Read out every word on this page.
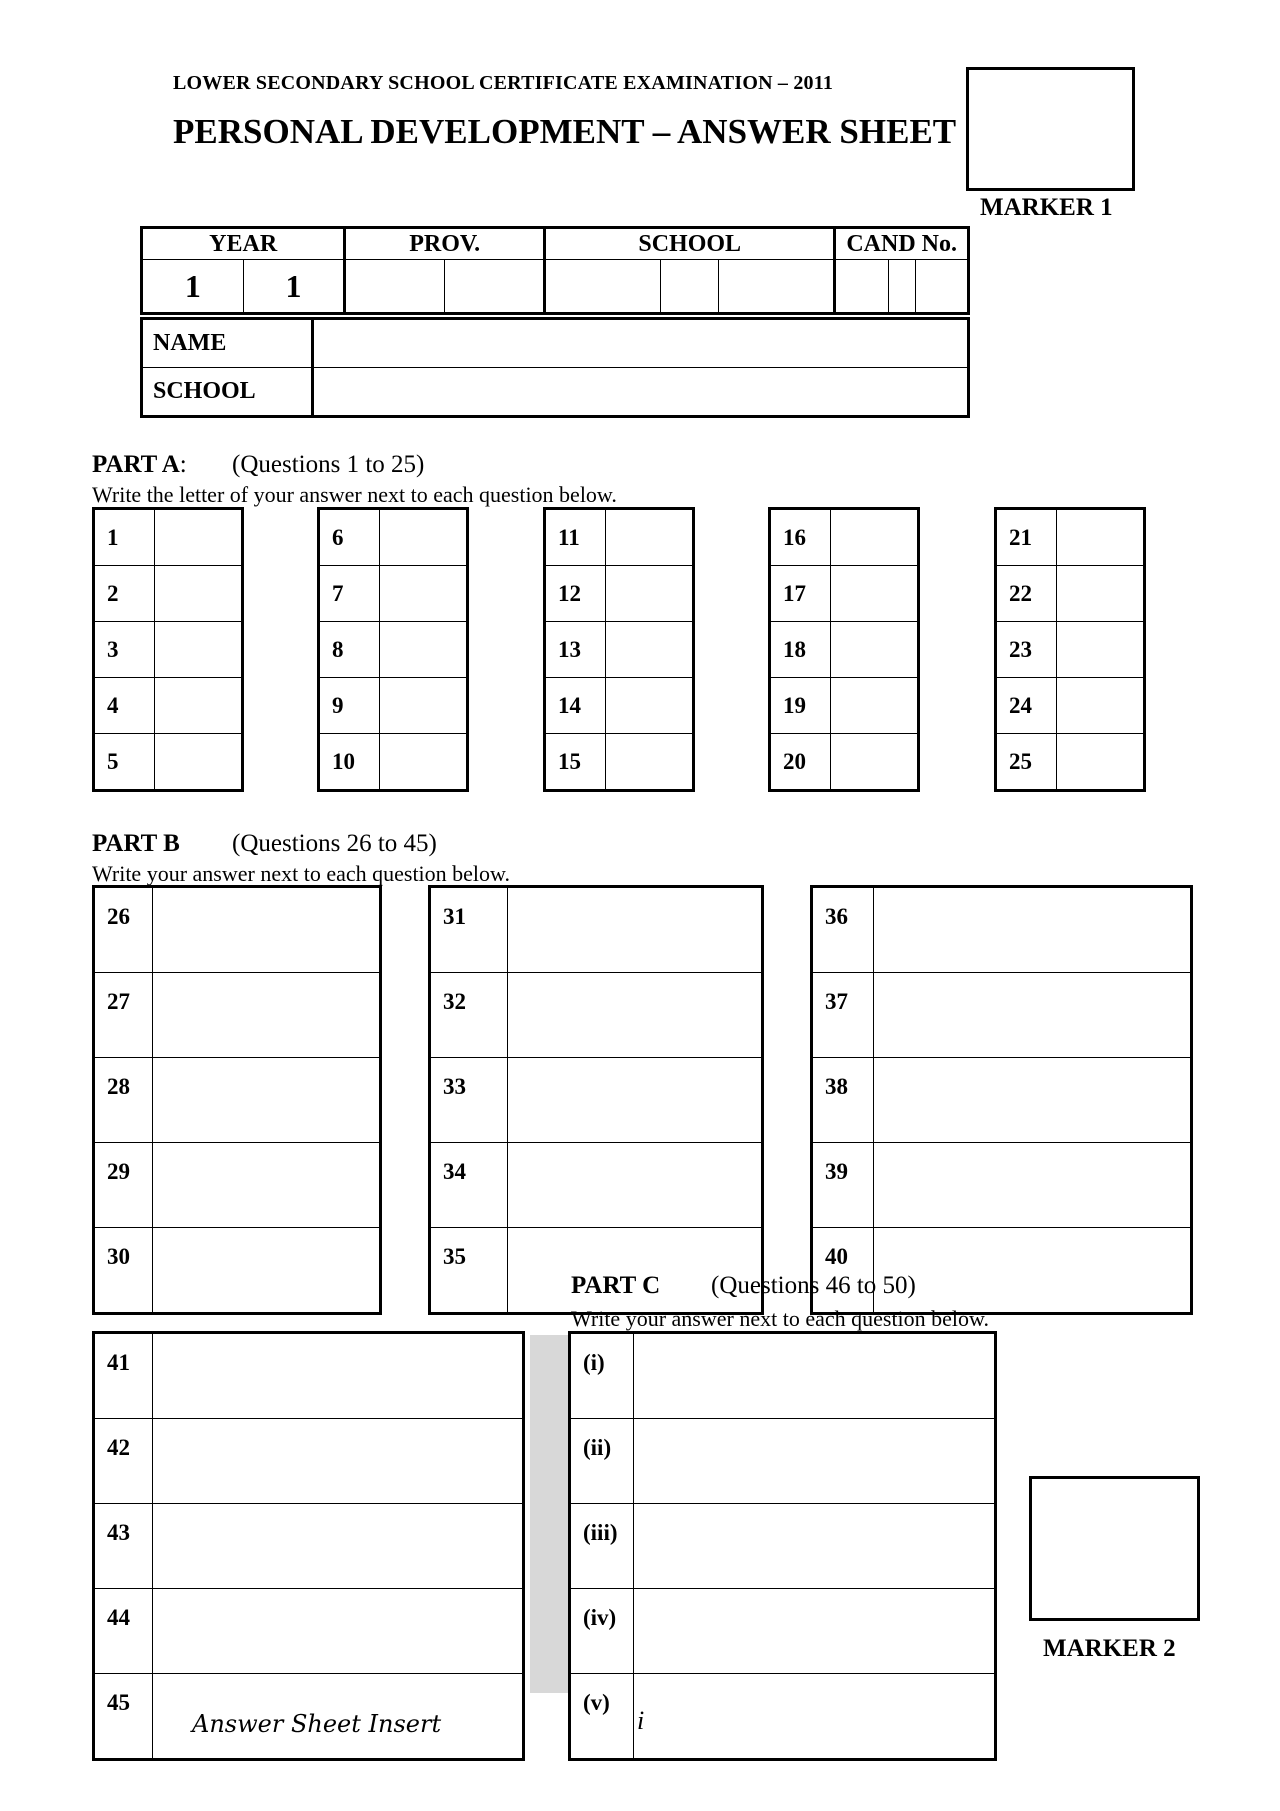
LOWER SECONDARY SCHOOL CERTIFICATE EXAMINATION – 2011
PERSONAL DEVELOPMENT – ANSWER SHEET
MARKER 1
YEAR		PROV.		SCHOOL			CAND No.		
1	1								
NAME	
SCHOOL	
PART A: (Questions 1 to 25)
Write the letter of your answer next to each question below.
1	
2	
3	
4	
5	
6	
7	
8	
9	
10	
11	
12	
13	
14	
15	
16	
17	
18	
19	
20	
21	
22	
23	
24	
25	
PART B (Questions 26 to 45)
Write your answer next to each question below.
26	
27	
28	
29	
30	
31	
32	
33	
34	
35	
36	
37	
38	
39	
40	
41	
42	
43	
44	
45	
PART C (Questions 46 to 50)
Write your answer next to each question below.
(i)	
(ii)	
(iii)	
(iv)	
(v)	
MARKER 2
Answer Sheet Insert	i
